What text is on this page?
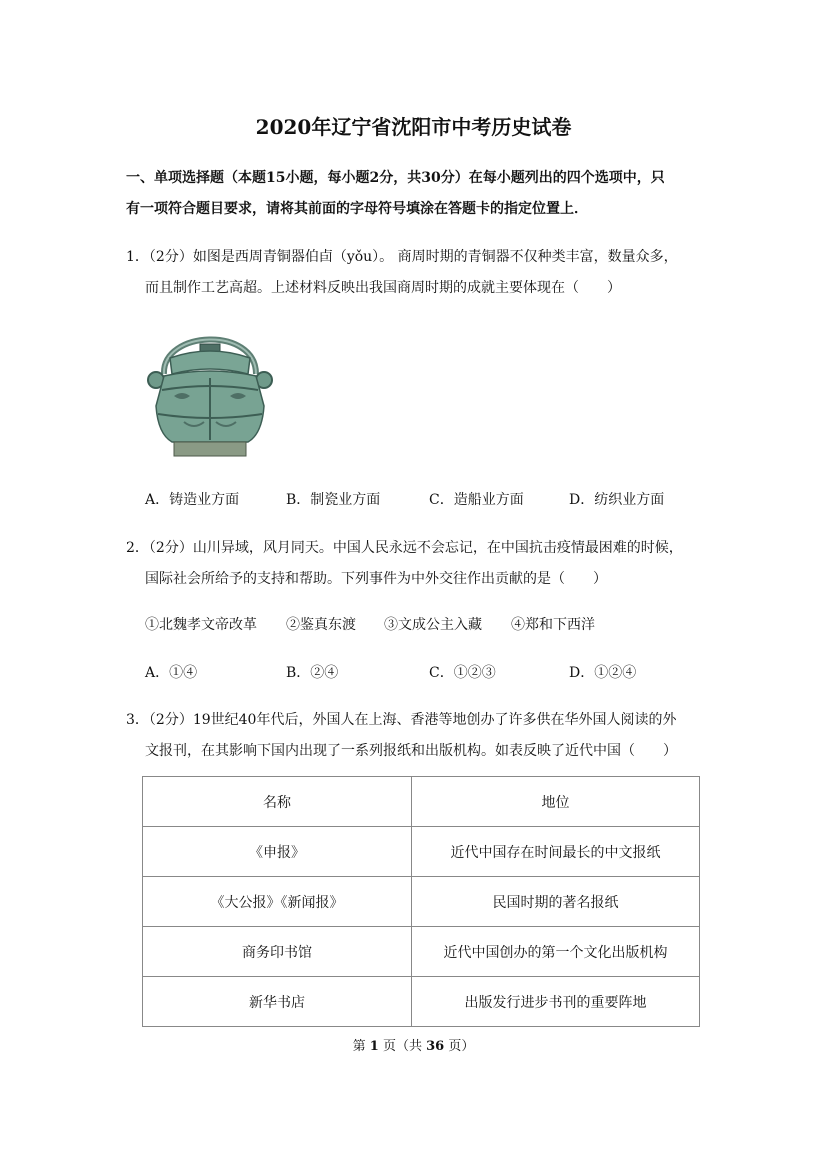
2020年辽宁省沈阳市中考历史试卷
一、单项选择题（本题15小题，每小题2分，共30分）在每小题列出的四个选项中，只
有一项符合题目要求，请将其前面的字母符号填涂在答题卡的指定位置上．
1．（2分）如图是西周青铜器伯卣（yǒu）。 商周时期的青铜器不仅种类丰富，数量众多，
而且制作工艺高超。上述材料反映出我国商周时期的成就主要体现在（　　）
A．铸造业方面	B．制瓷业方面	C．造船业方面	D．纺织业方面
2．（2分）山川异域，风月同天。中国人民永远不会忘记，在中国抗击疫情最困难的时候，
国际社会所给予的支持和帮助。下列事件为中外交往作出贡献的是（　　）
①北魏孝文帝改革 ②鉴真东渡 ③文成公主入藏 ④郑和下西洋
A．①④	B．②④	C．①②③	D．①②④
3．（2分）19世纪40年代后，外国人在上海、香港等地创办了许多供在华外国人阅读的外
文报刊，在其影响下国内出现了一系列报纸和出版机构。如表反映了近代中国（　　）
名称	地位
《申报》	近代中国存在时间最长的中文报纸
《大公报》《新闻报》	民国时期的著名报纸
商务印书馆	近代中国创办的第一个文化出版机构
新华书店	出版发行进步书刊的重要阵地
第 1 页（共 36 页）
